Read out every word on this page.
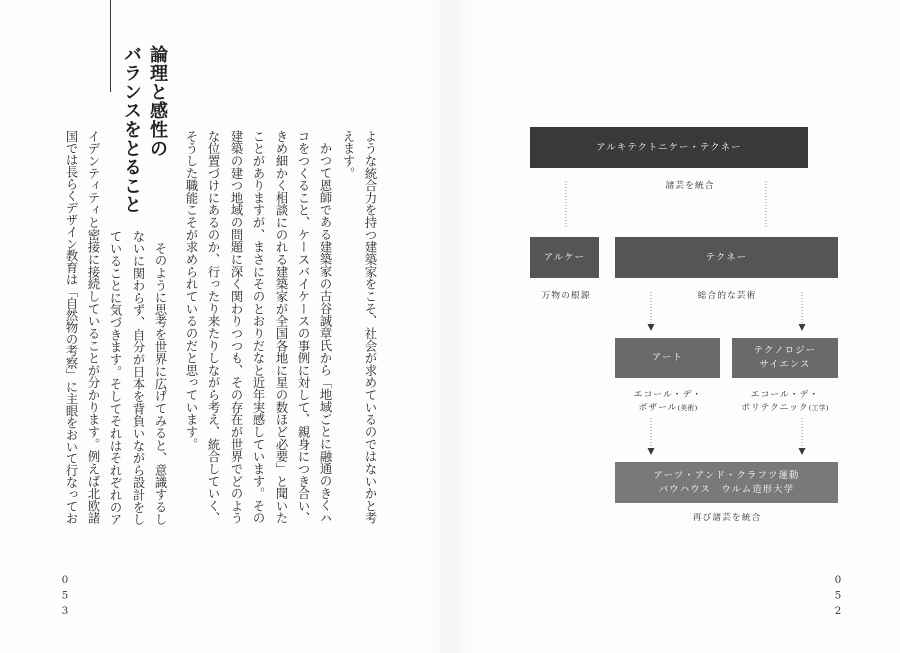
論理と感性の
バランスをとること
ような統合力を持つ建築家をこそ、社会が求めているのではないかと考
えます。
かつて恩師である建築家の古谷誠章氏から「地域ごとに融通のきくハ
コをつくること、ケースバイケースの事例に対して、親身につき合い、
きめ細かく相談にのれる建築家が全国各地に星の数ほど必要」と聞いた
ことがありますが、まさにそのとおりだなと近年実感しています。その
建築の建つ地域の問題に深く関わりつつも、その存在が世界でどのよう
な位置づけにあるのか、行ったり来たりしながら考え、統合していく、
そうした職能こそが求められているのだと思っています。
そのように思考を世界に広げてみると、意識するし
ないに関わらず、自分が日本を背負いながら設計をし
ていることに気づきます。そしてそれはそれぞれのア
イデンティティと密接に接続していることが分かります。例えば北欧諸
国では長らくデザイン教育は「自然物の考察」に主眼をおいて行なってお
053
アルキテクトニケー・テクネー
諸芸を統合
アルケー	テクネー
万物の根源	総合的な芸術
アート
テクノロジー
サイエンス
エコール・デ・
ボザール(美術)
エコール・デ・
ポリテクニック(工学)
アーツ・アンド・クラフツ運動
バウハウス　ウルム造形大学
再び諸芸を統合
052
